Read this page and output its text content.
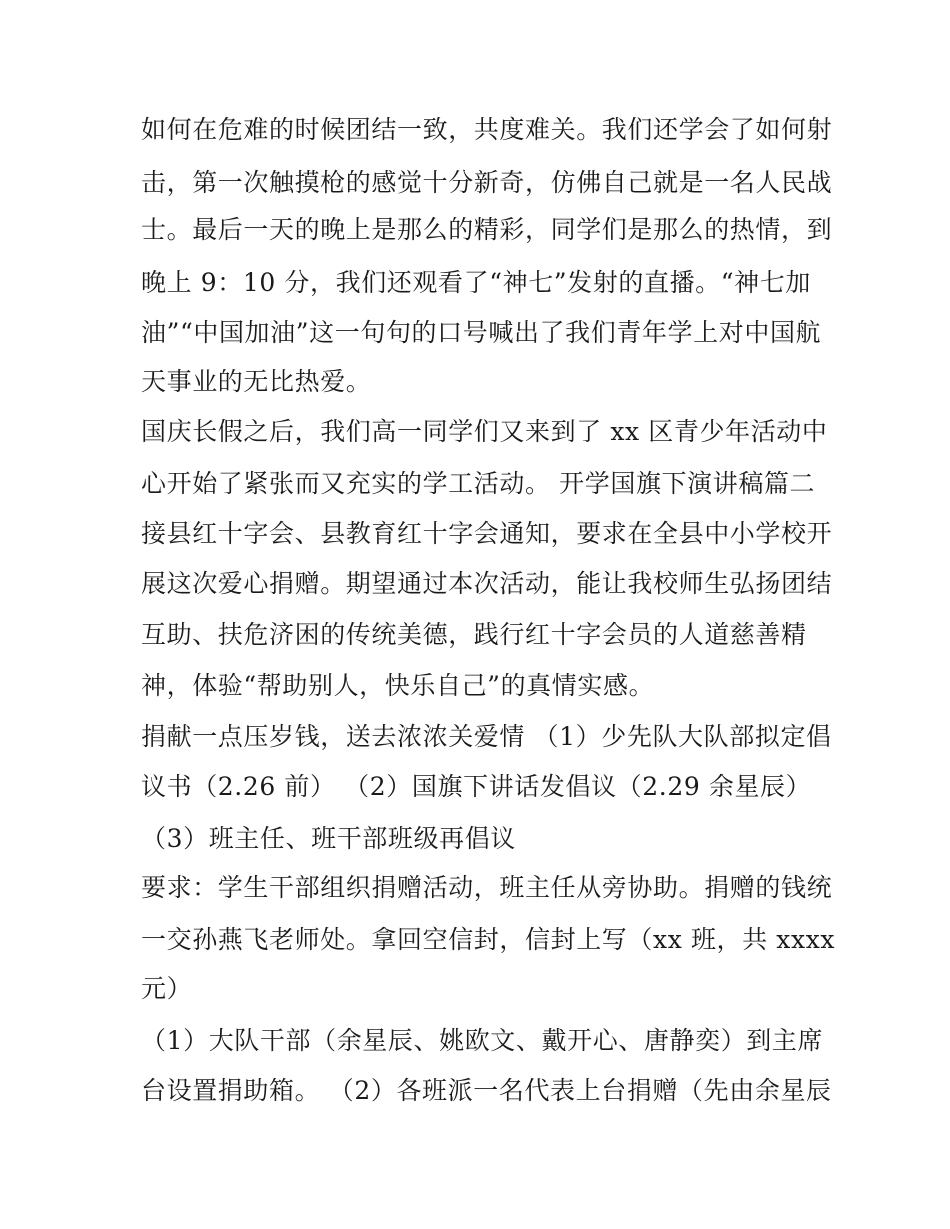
如何在危难的时候团结一致，共度难关。我们还学会了如何射
击，第一次触摸枪的感觉十分新奇，仿佛自己就是一名人民战
士。最后一天的晚上是那么的精彩，同学们是那么的热情，到
晚上 9：10 分，我们还观看了“神七”发射的直播。“神七加
油”“中国加油”这一句句的口号喊出了我们青年学上对中国航
天事业的无比热爱。
国庆长假之后，我们高一同学们又来到了 xx 区青少年活动中
心开始了紧张而又充实的学工活动。 开学国旗下演讲稿篇二
接县红十字会、县教育红十字会通知，要求在全县中小学校开
展这次爱心捐赠。期望通过本次活动，能让我校师生弘扬团结
互助、扶危济困的传统美德，践行红十字会员的人道慈善精
神，体验“帮助别人，快乐自己”的真情实感。
捐献一点压岁钱，送去浓浓关爱情 （1）少先队大队部拟定倡
议书（2.26 前） （2）国旗下讲话发倡议（2.29 余星辰）
（3）班主任、班干部班级再倡议
要求：学生干部组织捐赠活动，班主任从旁协助。捐赠的钱统
一交孙燕飞老师处。拿回空信封，信封上写（xx 班，共 xxxx
元）
（1）大队干部（余星辰、姚欧文、戴开心、唐静奕）到主席
台设置捐助箱。 （2）各班派一名代表上台捐赠（先由余星辰
